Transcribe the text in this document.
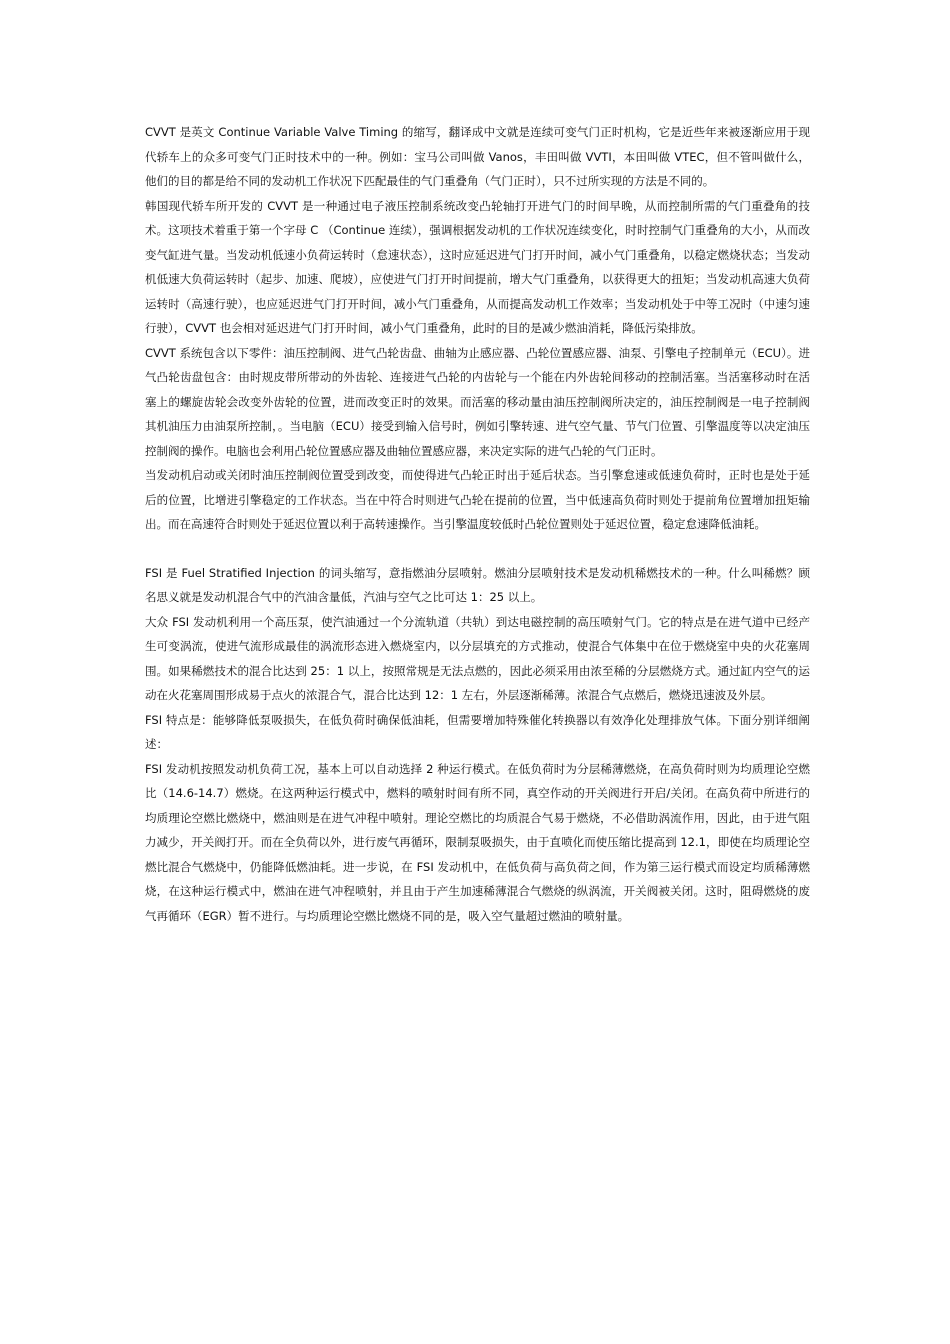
CVVT 是英文 Continue Variable Valve Timing 的缩写，翻译成中文就是连续可变气门正时机构，它是近些年来被逐渐应用于现代轿车上的众多可变气门正时技术中的一种。例如：宝马公司叫做 Vanos，丰田叫做 VVTI，本田叫做 VTEC，但不管叫做什么，他们的目的都是给不同的发动机工作状况下匹配最佳的气门重叠角（气门正时），只不过所实现的方法是不同的。

韩国现代轿车所开发的 CVVT 是一种通过电子液压控制系统改变凸轮轴打开进气门的时间早晚，从而控制所需的气门重叠角的技术。这项技术着重于第一个字母 C （Continue 连续），强调根据发动机的工作状况连续变化，时时控制气门重叠角的大小，从而改变气缸进气量。当发动机低速小负荷运转时（怠速状态），这时应延迟进气门打开时间，减小气门重叠角，以稳定燃烧状态；当发动机低速大负荷运转时（起步、加速、爬坡），应使进气门打开时间提前，增大气门重叠角，以获得更大的扭矩；当发动机高速大负荷运转时（高速行驶），也应延迟进气门打开时间，减小气门重叠角，从而提高发动机工作效率；当发动机处于中等工况时（中速匀速行驶），CVVT 也会相对延迟进气门打开时间，减小气门重叠角，此时的目的是减少燃油消耗，降低污染排放。

CVVT 系统包含以下零件：油压控制阀、进气凸轮齿盘、曲轴为止感应器、凸轮位置感应器、油泵、引擎电子控制单元（ECU）。进气凸轮齿盘包含：由时规皮带所带动的外齿轮、连接进气凸轮的内齿轮与一个能在内外齿轮间移动的控制活塞。当活塞移动时在活塞上的螺旋齿轮会改变外齿轮的位置，进而改变正时的效果。而活塞的移动量由油压控制阀所决定的，油压控制阀是一电子控制阀其机油压力由油泵所控制，。当电脑（ECU）接受到输入信号时，例如引擎转速、进气空气量、节气门位置、引擎温度等以决定油压控制阀的操作。电脑也会利用凸轮位置感应器及曲轴位置感应器，来决定实际的进气凸轮的气门正时。

当发动机启动或关闭时油压控制阀位置受到改变，而使得进气凸轮正时出于延后状态。当引擎怠速或低速负荷时，正时也是处于延后的位置，比增进引擎稳定的工作状态。当在中符合时则进气凸轮在提前的位置，当中低速高负荷时则处于提前角位置增加扭矩输出。而在高速符合时则处于延迟位置以利于高转速操作。当引擎温度较低时凸轮位置则处于延迟位置，稳定怠速降低油耗。

FSI 是 Fuel Stratified Injection 的词头缩写，意指燃油分层喷射。燃油分层喷射技术是发动机稀燃技术的一种。什么叫稀燃？顾名思义就是发动机混合气中的汽油含量低，汽油与空气之比可达 1：25 以上。

大众 FSI 发动机利用一个高压泵，使汽油通过一个分流轨道（共轨）到达电磁控制的高压喷射气门。它的特点是在进气道中已经产生可变涡流，使进气流形成最佳的涡流形态进入燃烧室内，以分层填充的方式推动，使混合气体集中在位于燃烧室中央的火花塞周围。如果稀燃技术的混合比达到 25：1 以上，按照常规是无法点燃的，因此必须采用由浓至稀的分层燃烧方式。通过缸内空气的运动在火花塞周围形成易于点火的浓混合气，混合比达到 12：1 左右，外层逐渐稀薄。浓混合气点燃后，燃烧迅速波及外层。

FSI 特点是：能够降低泵吸损失，在低负荷时确保低油耗，但需要增加特殊催化转换器以有效净化处理排放气体。下面分别详细阐述：

FSI 发动机按照发动机负荷工况，基本上可以自动选择 2 种运行模式。在低负荷时为分层稀薄燃烧，在高负荷时则为均质理论空燃比（14.6-14.7）燃烧。在这两种运行模式中，燃料的喷射时间有所不同，真空作动的开关阀进行开启/关闭。在高负荷中所进行的均质理论空燃比燃烧中，燃油则是在进气冲程中喷射。理论空燃比的均质混合气易于燃烧，不必借助涡流作用，因此，由于进气阻力减少，开关阀打开。而在全负荷以外，进行废气再循环，限制泵吸损失，由于直喷化而使压缩比提高到 12.1，即使在均质理论空燃比混合气燃烧中，仍能降低燃油耗。进一步说，在 FSI 发动机中，在低负荷与高负荷之间，作为第三运行模式而设定均质稀薄燃烧，在这种运行模式中，燃油在进气冲程喷射，并且由于产生加速稀薄混合气燃烧的纵涡流，开关阀被关闭。这时，阻碍燃烧的废气再循环（EGR）暂不进行。与均质理论空燃比燃烧不同的是，吸入空气量超过燃油的喷射量。
